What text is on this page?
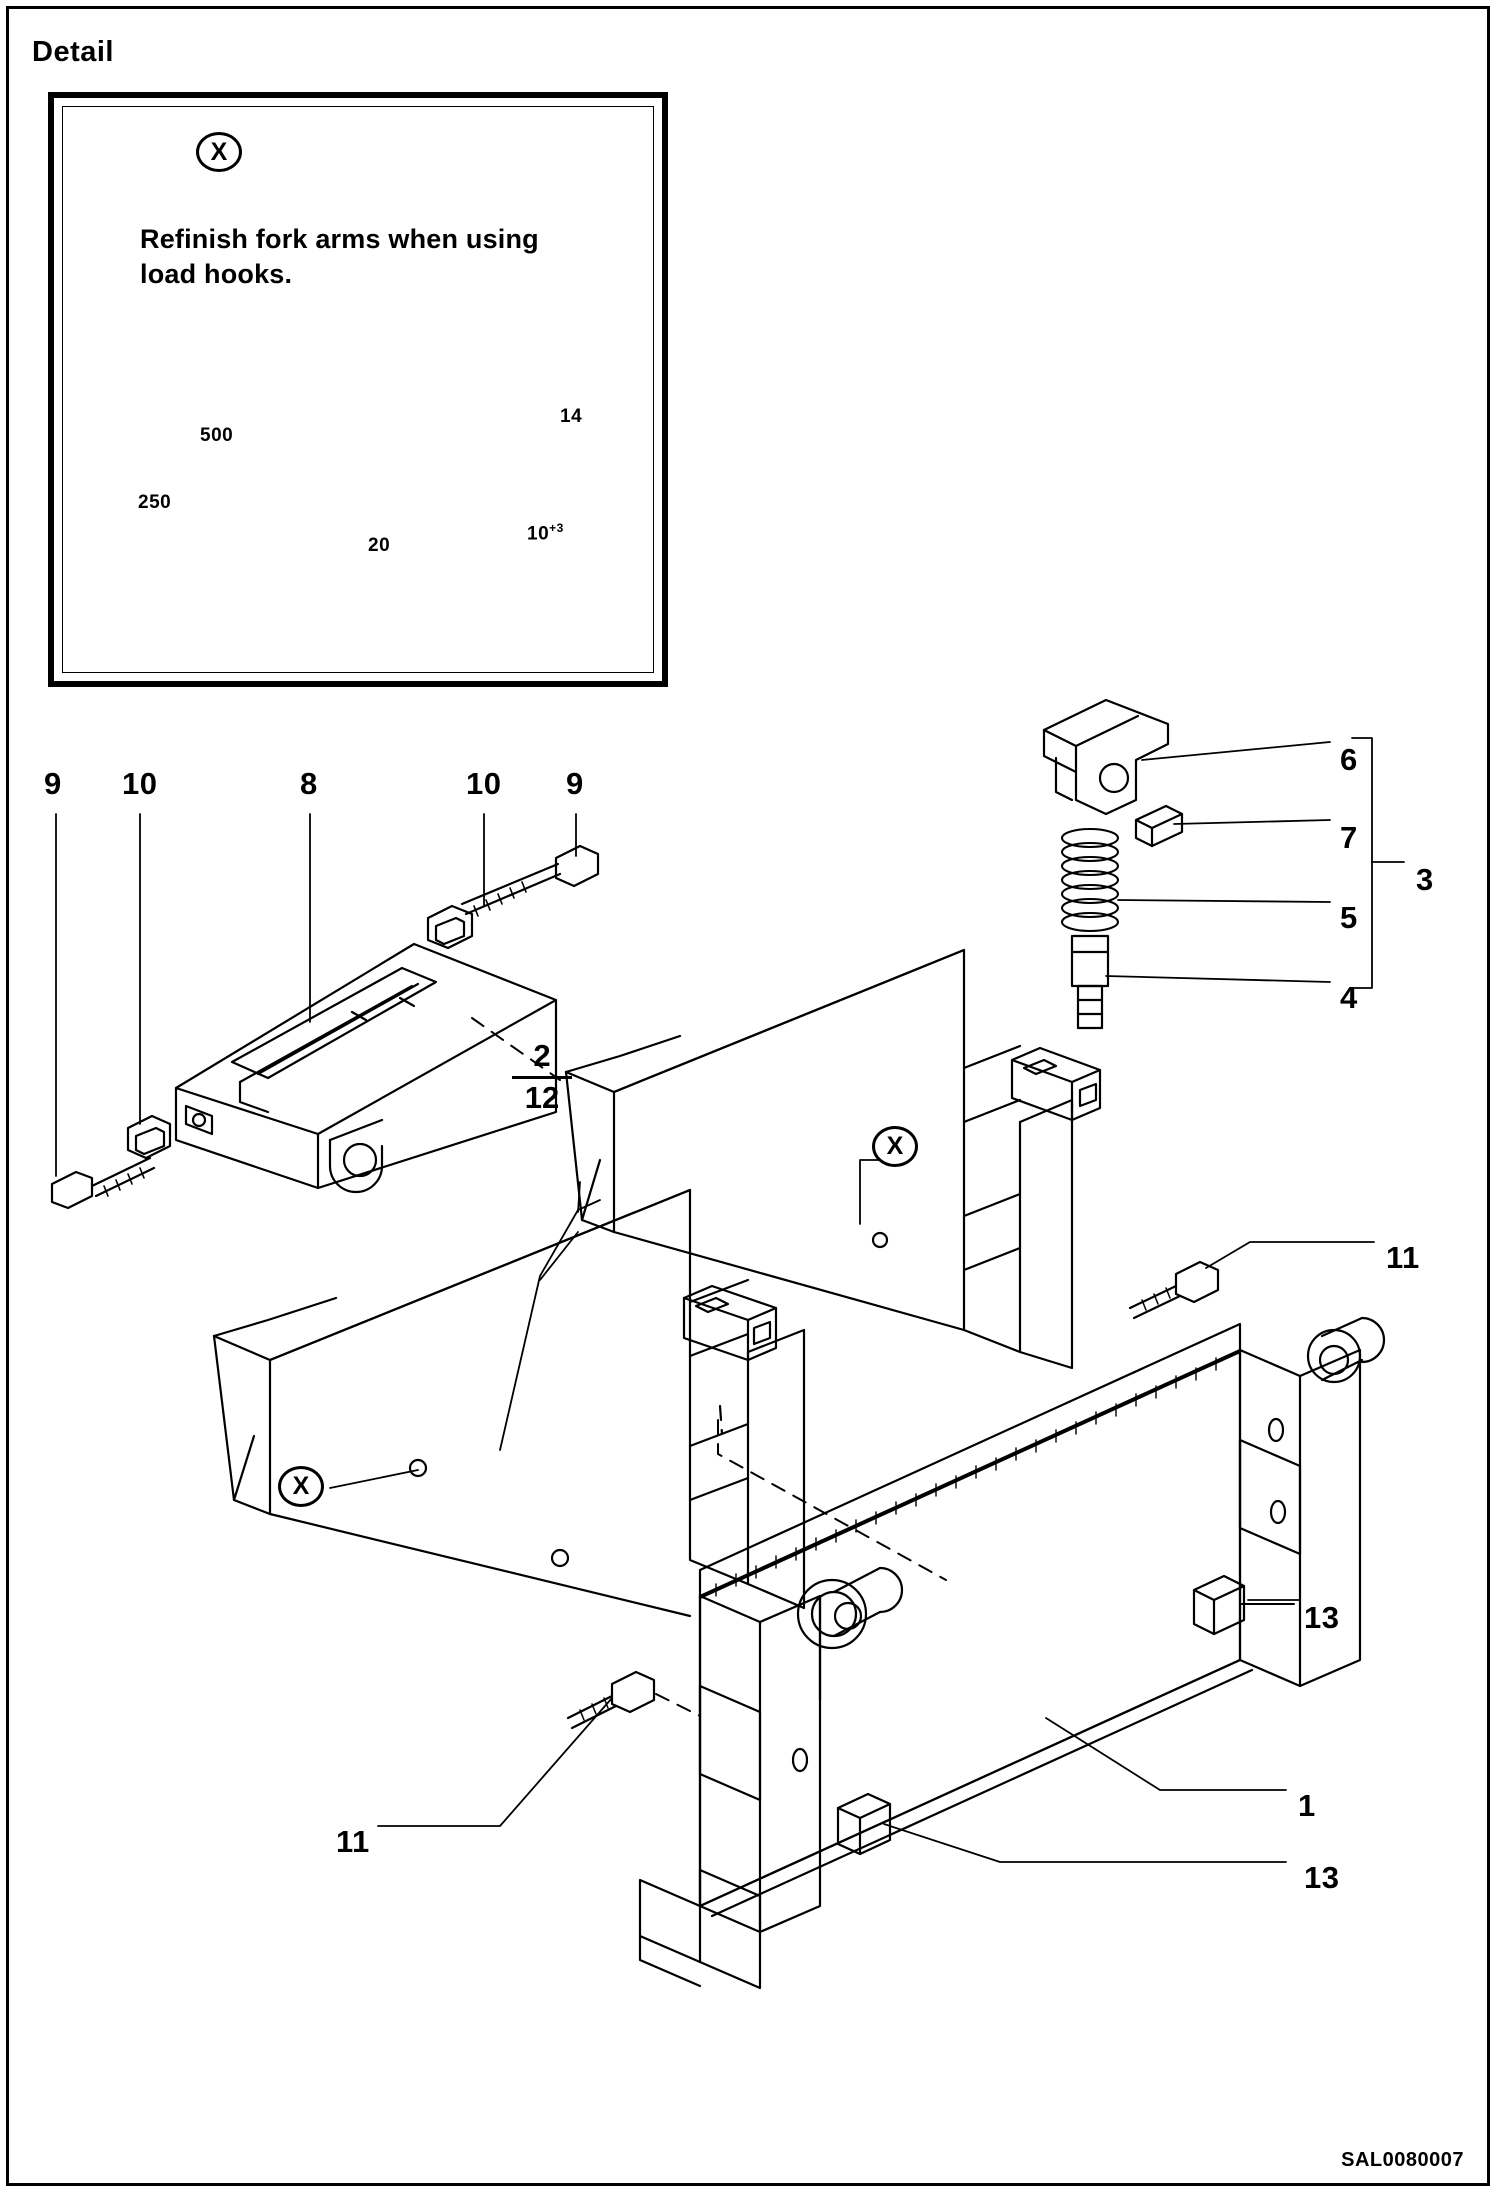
Detail
X
Refinish fork arms when using load hooks.
500
250
20
14
$10^{+3}$
9 10	8	10 9
6
7
5
4
3
11
13
1
13
11
2
12
X
X
SAL0080007
